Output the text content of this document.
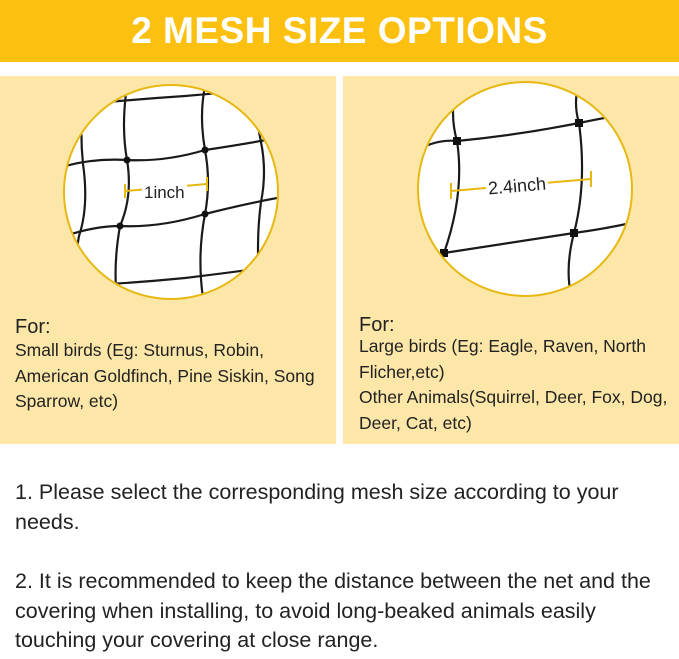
2 MESH SIZE OPTIONS
1inch
For:
Small birds (Eg: Sturnus, Robin, American Goldfinch, Pine Siskin, Song Sparrow, etc)
2.4inch
For:
Large birds (Eg: Eagle, Raven, North Flicher,etc)
Other Animals(Squirrel, Deer, Fox, Dog, Deer, Cat, etc)
1. Please select the corresponding mesh size according to your needs.
2. It is recommended to keep the distance between the net and the covering when installing, to avoid long-beaked animals easily touching your covering at close range.
